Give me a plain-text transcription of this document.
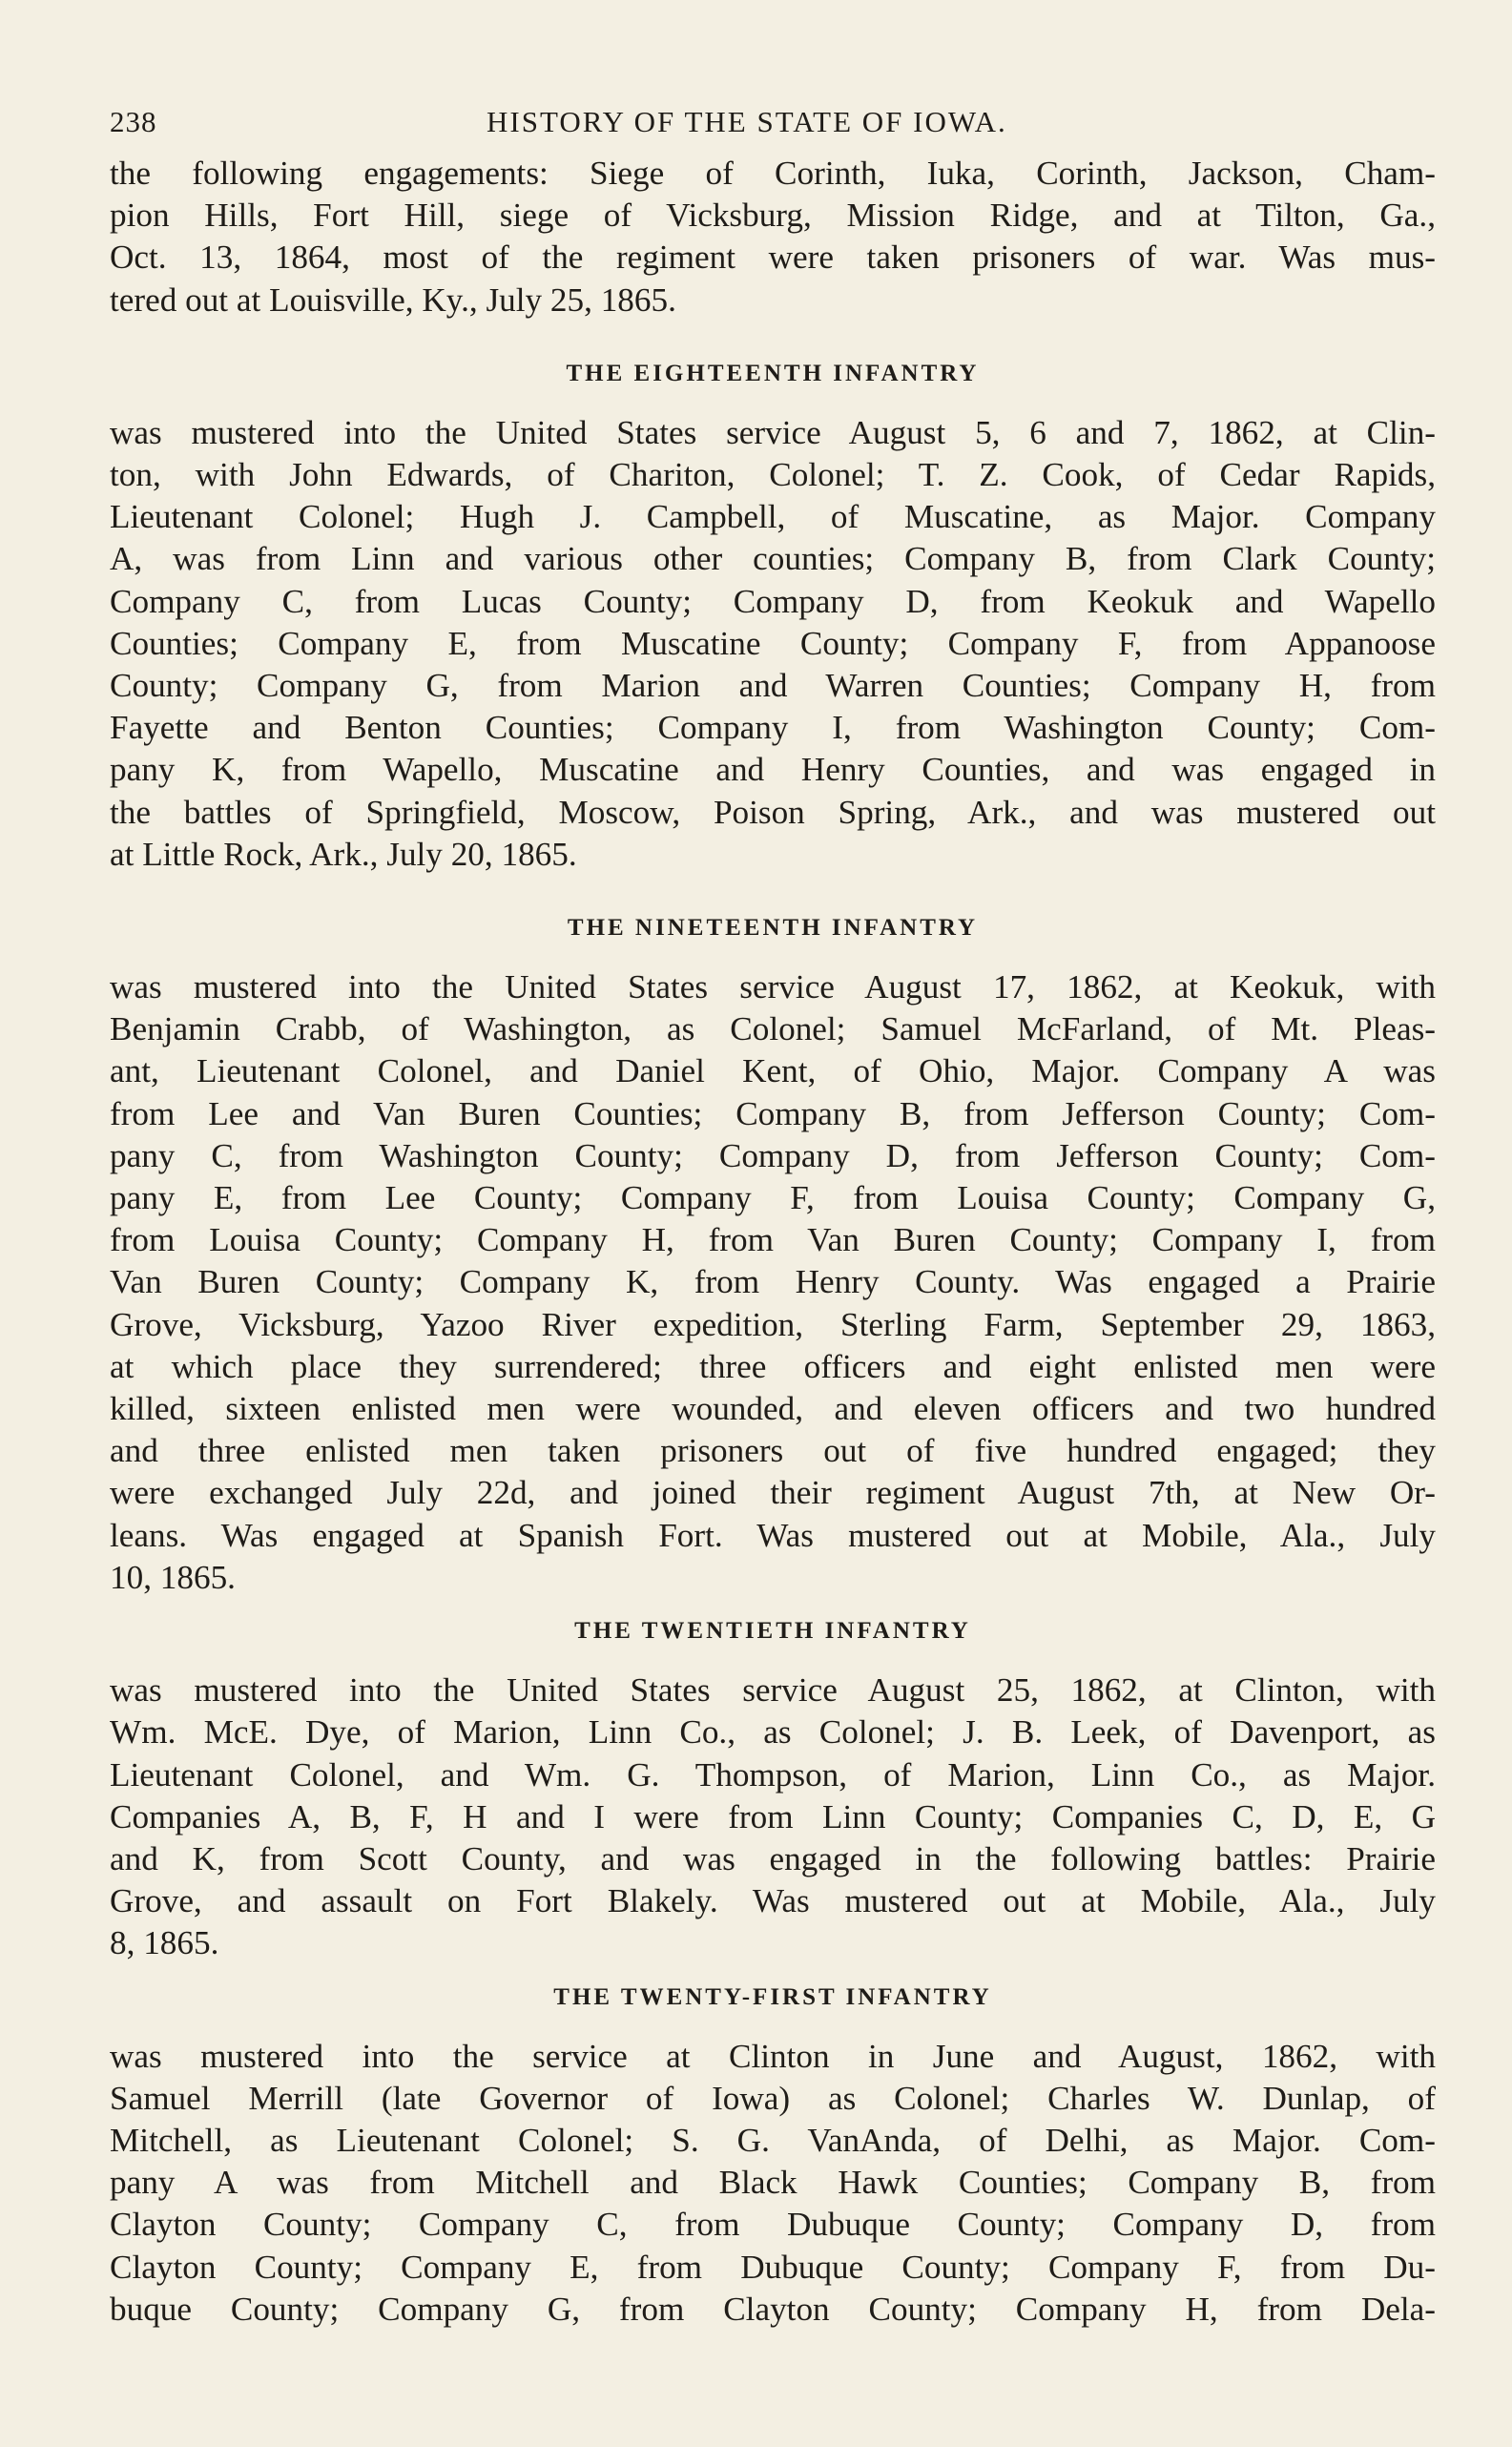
238	HISTORY OF THE STATE OF IOWA.

the following engagements: Siege of Corinth, Iuka, Corinth, Jackson, Cham-
pion Hills, Fort Hill, siege of Vicksburg, Mission Ridge, and at Tilton, Ga.,
Oct. 13, 1864, most of the regiment were taken prisoners of war. Was mus-
tered out at Louisville, Ky., July 25, 1865.

THE EIGHTEENTH INFANTRY

was mustered into the United States service August 5, 6 and 7, 1862, at Clin-
ton, with John Edwards, of Chariton, Colonel; T. Z. Cook, of Cedar Rapids,
Lieutenant Colonel; Hugh J. Campbell, of Muscatine, as Major. Company
A, was from Linn and various other counties; Company B, from Clark County;
Company C, from Lucas County; Company D, from Keokuk and Wapello
Counties; Company E, from Muscatine County; Company F, from Appanoose
County; Company G, from Marion and Warren Counties; Company H, from
Fayette and Benton Counties; Company I, from Washington County; Com-
pany K, from Wapello, Muscatine and Henry Counties, and was engaged in
the battles of Springfield, Moscow, Poison Spring, Ark., and was mustered out
at Little Rock, Ark., July 20, 1865.

THE NINETEENTH INFANTRY

was mustered into the United States service August 17, 1862, at Keokuk, with
Benjamin Crabb, of Washington, as Colonel; Samuel McFarland, of Mt. Pleas-
ant, Lieutenant Colonel, and Daniel Kent, of Ohio, Major. Company A was
from Lee and Van Buren Counties; Company B, from Jefferson County; Com-
pany C, from Washington County; Company D, from Jefferson County; Com-
pany E, from Lee County; Company F, from Louisa County; Company G,
from Louisa County; Company H, from Van Buren County; Company I, from
Van Buren County; Company K, from Henry County. Was engaged a Prairie
Grove, Vicksburg, Yazoo River expedition, Sterling Farm, September 29, 1863,
at which place they surrendered; three officers and eight enlisted men were
killed, sixteen enlisted men were wounded, and eleven officers and two hundred
and three enlisted men taken prisoners out of five hundred engaged; they
were exchanged July 22d, and joined their regiment August 7th, at New Or-
leans. Was engaged at Spanish Fort. Was mustered out at Mobile, Ala., July
10, 1865.

THE TWENTIETH INFANTRY

was mustered into the United States service August 25, 1862, at Clinton, with
Wm. McE. Dye, of Marion, Linn Co., as Colonel; J. B. Leek, of Davenport, as
Lieutenant Colonel, and Wm. G. Thompson, of Marion, Linn Co., as Major.
Companies A, B, F, H and I were from Linn County; Companies C, D, E, G
and K, from Scott County, and was engaged in the following battles: Prairie
Grove, and assault on Fort Blakely. Was mustered out at Mobile, Ala., July
8, 1865.

THE TWENTY-FIRST INFANTRY

was mustered into the service at Clinton in June and August, 1862, with
Samuel Merrill (late Governor of Iowa) as Colonel; Charles W. Dunlap, of
Mitchell, as Lieutenant Colonel; S. G. VanAnda, of Delhi, as Major. Com-
pany A was from Mitchell and Black Hawk Counties; Company B, from
Clayton County; Company C, from Dubuque County; Company D, from
Clayton County; Company E, from Dubuque County; Company F, from Du-
buque County; Company G, from Clayton County; Company H, from Dela-
